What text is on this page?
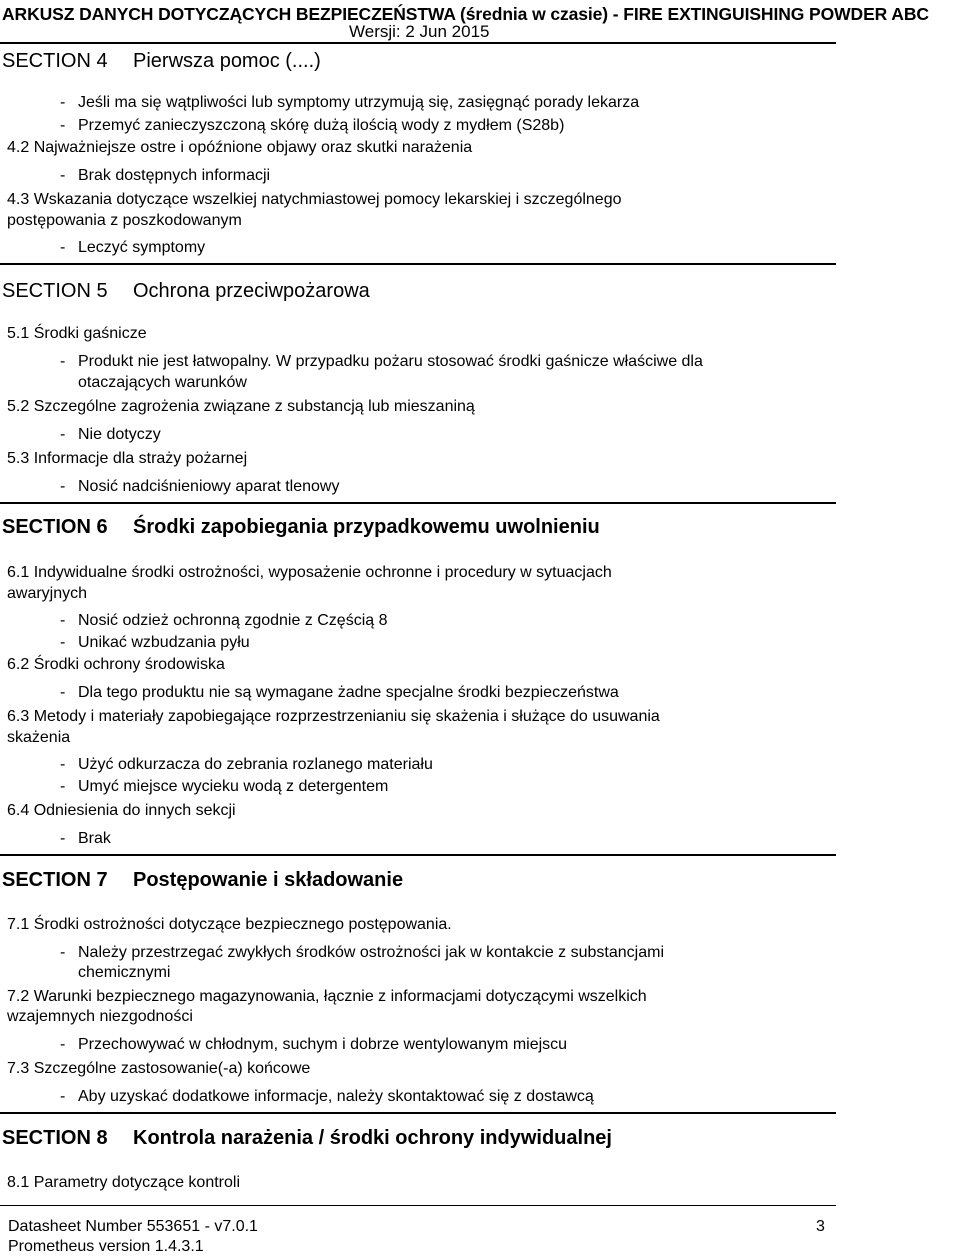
ARKUSZ DANYCH DOTYCZĄCYCH BEZPIECZEŃSTWA (średnia w czasie) - FIRE EXTINGUISHING POWDER ABC
Wersji: 2 Jun 2015
SECTION 4 Pierwsza pomoc (....)
- Jeśli ma się wątpliwości lub symptomy utrzymują się, zasięgnąć porady lekarza
- Przemyć zanieczyszczoną skórę dużą ilością wody z mydłem (S28b)
4.2 Najważniejsze ostre i opóźnione objawy oraz skutki narażenia
- Brak dostępnych informacji
4.3 Wskazania dotyczące wszelkiej natychmiastowej pomocy lekarskiej i szczególnego
postępowania z poszkodowanym
- Leczyć symptomy
SECTION 5 Ochrona przeciwpożarowa
5.1 Środki gaśnicze
- Produkt nie jest łatwopalny. W przypadku pożaru stosować środki gaśnicze właściwe dla
otaczających warunków
5.2 Szczególne zagrożenia związane z substancją lub mieszaniną
- Nie dotyczy
5.3 Informacje dla straży pożarnej
- Nosić nadciśnieniowy aparat tlenowy
SECTION 6 Środki zapobiegania przypadkowemu uwolnieniu
6.1 Indywidualne środki ostrożności, wyposażenie ochronne i procedury w sytuacjach
awaryjnych
- Nosić odzież ochronną zgodnie z Częścią 8
- Unikać wzbudzania pyłu
6.2 Środki ochrony środowiska
- Dla tego produktu nie są wymagane żadne specjalne środki bezpieczeństwa
6.3 Metody i materiały zapobiegające rozprzestrzenianiu się skażenia i służące do usuwania
skażenia
- Użyć odkurzacza do zebrania rozlanego materiału
- Umyć miejsce wycieku wodą z detergentem
6.4 Odniesienia do innych sekcji
- Brak
SECTION 7 Postępowanie i składowanie
7.1 Środki ostrożności dotyczące bezpiecznego postępowania.
- Należy przestrzegać zwykłych środków ostrożności jak w kontakcie z substancjami
chemicznymi
7.2 Warunki bezpiecznego magazynowania, łącznie z informacjami dotyczącymi wszelkich
wzajemnych niezgodności
- Przechowywać w chłodnym, suchym i dobrze wentylowanym miejscu
7.3 Szczególne zastosowanie(-a) końcowe
- Aby uzyskać dodatkowe informacje, należy skontaktować się z dostawcą
SECTION 8 Kontrola narażenia / środki ochrony indywidualnej
8.1 Parametry dotyczące kontroli
Datasheet Number 553651 - v7.0.1
Prometheus version 1.4.3.1
3
